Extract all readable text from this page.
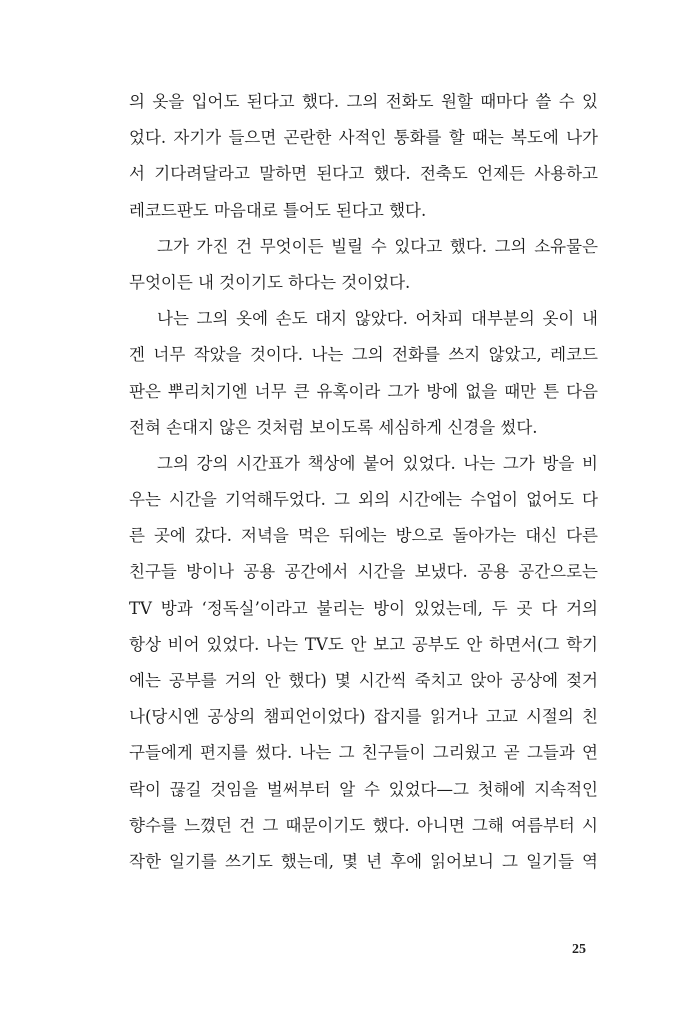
의 옷을 입어도 된다고 했다. 그의 전화도 원할 때마다 쓸 수 있
었다. 자기가 들으면 곤란한 사적인 통화를 할 때는 복도에 나가
서 기다려달라고 말하면 된다고 했다. 전축도 언제든 사용하고
레코드판도 마음대로 틀어도 된다고 했다.
그가 가진 건 무엇이든 빌릴 수 있다고 했다. 그의 소유물은
무엇이든 내 것이기도 하다는 것이었다.
나는 그의 옷에 손도 대지 않았다. 어차피 대부분의 옷이 내
겐 너무 작았을 것이다. 나는 그의 전화를 쓰지 않았고, 레코드
판은 뿌리치기엔 너무 큰 유혹이라 그가 방에 없을 때만 튼 다음
전혀 손대지 않은 것처럼 보이도록 세심하게 신경을 썼다.
그의 강의 시간표가 책상에 붙어 있었다. 나는 그가 방을 비
우는 시간을 기억해두었다. 그 외의 시간에는 수업이 없어도 다
른 곳에 갔다. 저녁을 먹은 뒤에는 방으로 돌아가는 대신 다른
친구들 방이나 공용 공간에서 시간을 보냈다. 공용 공간으로는
TV 방과 ‘정독실’이라고 불리는 방이 있었는데, 두 곳 다 거의
항상 비어 있었다. 나는 TV도 안 보고 공부도 안 하면서(그 학기
에는 공부를 거의 안 했다) 몇 시간씩 죽치고 앉아 공상에 젖거
나(당시엔 공상의 챔피언이었다) 잡지를 읽거나 고교 시절의 친
구들에게 편지를 썼다. 나는 그 친구들이 그리웠고 곧 그들과 연
락이 끊길 것임을 벌써부터 알 수 있었다—그 첫해에 지속적인
향수를 느꼈던 건 그 때문이기도 했다. 아니면 그해 여름부터 시
작한 일기를 쓰기도 했는데, 몇 년 후에 읽어보니 그 일기들 역
25
